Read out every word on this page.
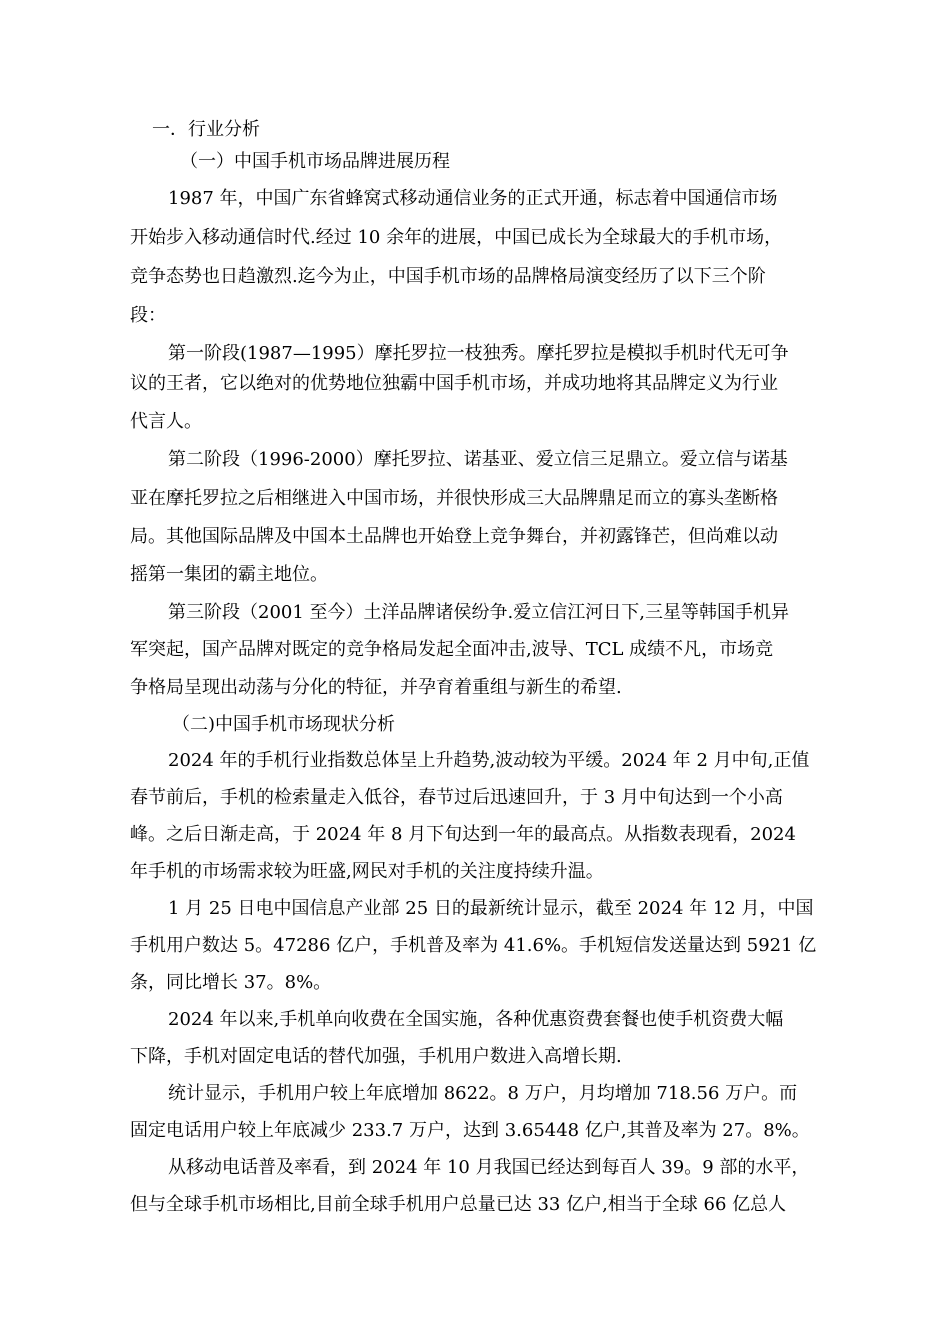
一．行业分析
（一）中国手机市场品牌进展历程
1987 年，中国广东省蜂窝式移动通信业务的正式开通，标志着中国通信市场
开始步入移动通信时代.经过 10 余年的进展，中国已成长为全球最大的手机市场，
竞争态势也日趋激烈.迄今为止，中国手机市场的品牌格局演变经历了以下三个阶
段：
第一阶段(1987—1995）摩托罗拉一枝独秀。摩托罗拉是模拟手机时代无可争
议的王者，它以绝对的优势地位独霸中国手机市场，并成功地将其品牌定义为行业
代言人。
第二阶段（1996-2000）摩托罗拉、诺基亚、爱立信三足鼎立。爱立信与诺基
亚在摩托罗拉之后相继进入中国市场，并很快形成三大品牌鼎足而立的寡头垄断格
局。其他国际品牌及中国本土品牌也开始登上竞争舞台，并初露锋芒，但尚难以动
摇第一集团的霸主地位。
第三阶段（2001 至今）土洋品牌诸侯纷争.爱立信江河日下,三星等韩国手机异
军突起，国产品牌对既定的竞争格局发起全面冲击,波导、TCL 成绩不凡，市场竞
争格局呈现出动荡与分化的特征，并孕育着重组与新生的希望.
（二)中国手机市场现状分析
2024 年的手机行业指数总体呈上升趋势,波动较为平缓。2024 年 2 月中旬,正值
春节前后，手机的检索量走入低谷，春节过后迅速回升，于 3 月中旬达到一个小高
峰。之后日渐走高，于 2024 年 8 月下旬达到一年的最高点。从指数表现看，2024
年手机的市场需求较为旺盛,网民对手机的关注度持续升温。
1 月 25 日电中国信息产业部 25 日的最新统计显示，截至 2024 年 12 月，中国
手机用户数达 5。47286 亿户，手机普及率为 41.6%。手机短信发送量达到 5921 亿
条，同比增长 37。8%。
2024 年以来,手机单向收费在全国实施，各种优惠资费套餐也使手机资费大幅
下降，手机对固定电话的替代加强，手机用户数进入高增长期.
统计显示，手机用户较上年底增加 8622。8 万户，月均增加 718.56 万户。而
固定电话用户较上年底减少 233.7 万户，达到 3.65448 亿户,其普及率为 27。8%。
从移动电话普及率看，到 2024 年 10 月我国已经达到每百人 39。9 部的水平，
但与全球手机市场相比,目前全球手机用户总量已达 33 亿户,相当于全球 66 亿总人
